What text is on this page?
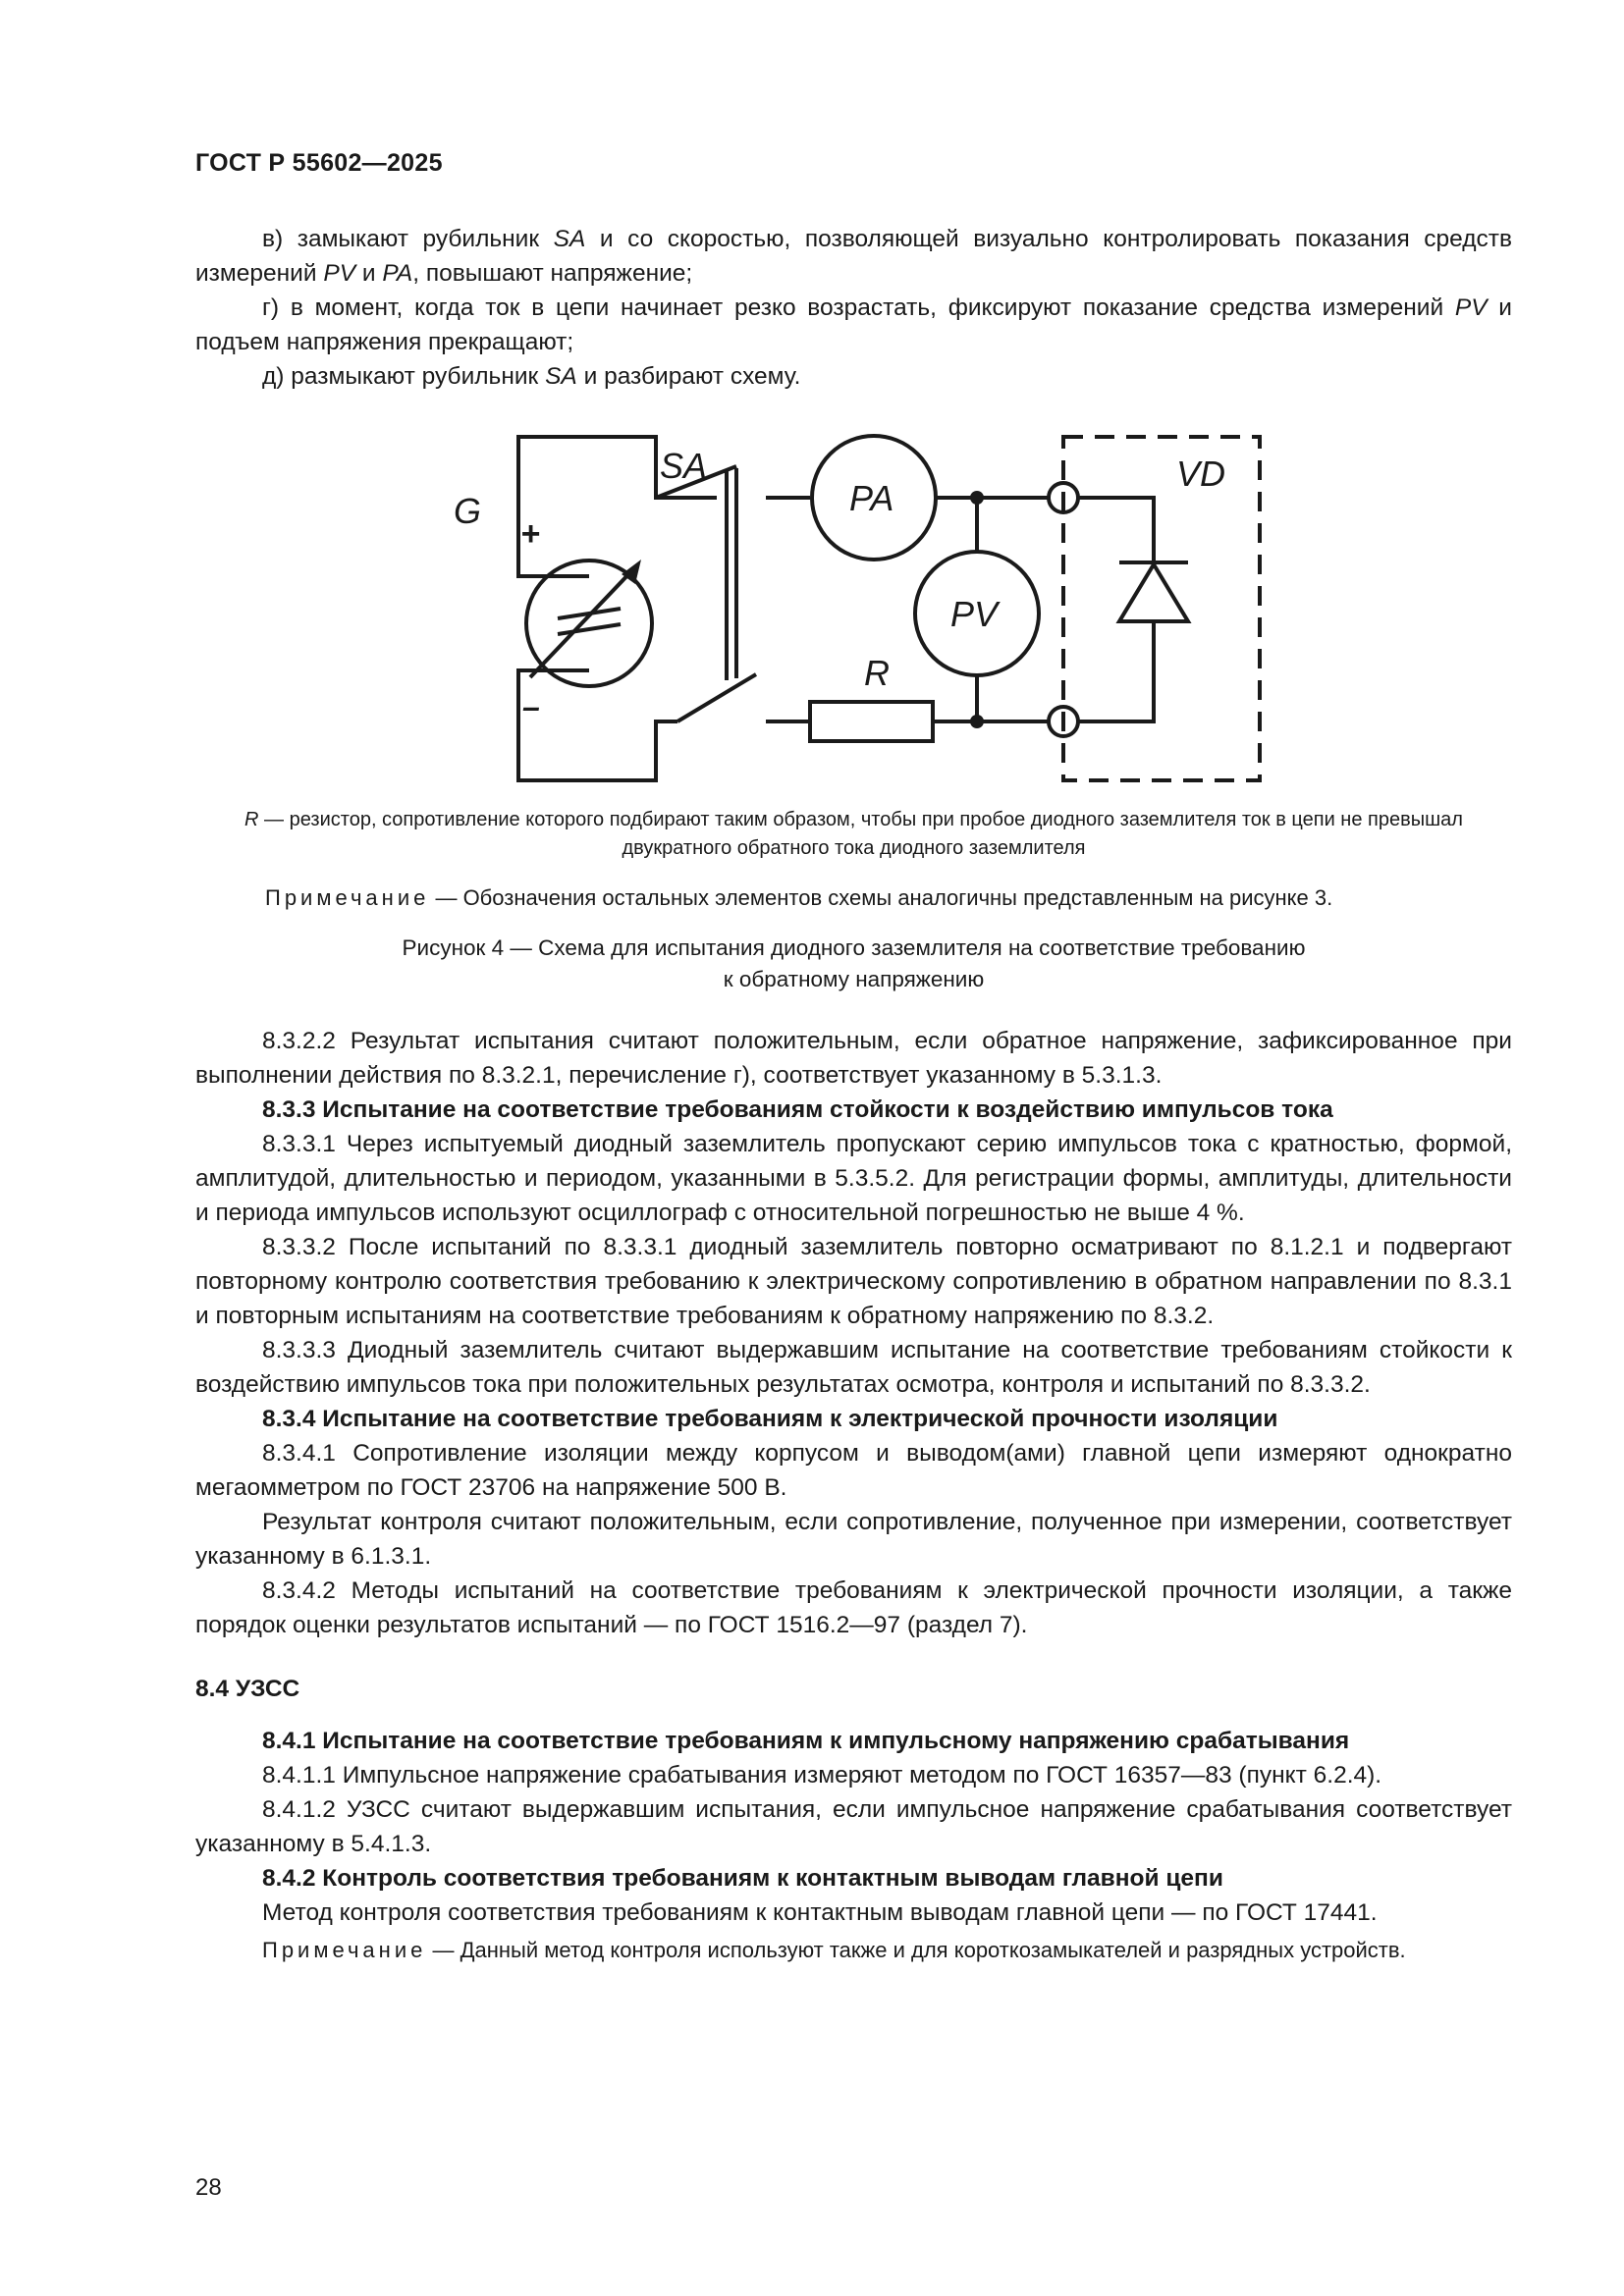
ГОСТ Р 55602—2025

в) замыкают рубильник SA и со скоростью, позволяющей визуально контролировать показания средств измерений PV и PA, повышают напряжение;

г) в момент, когда ток в цепи начинает резко возрастать, фиксируют показание средства измерений PV и подъем напряжения прекращают;

д) размыкают рубильник SA и разбирают схему.

G
+
–
SA
PA
PV
R
VD

R — резистор, сопротивление которого подбирают таким образом, чтобы при пробое диодного заземлителя ток в цепи не превышал двукратного обратного тока диодного заземлителя

Примечание — Обозначения остальных элементов схемы аналогичны представленным на рисунке 3.

Рисунок 4 — Схема для испытания диодного заземлителя на соответствие требованию
к обратному напряжению

8.3.2.2 Результат испытания считают положительным, если обратное напряжение, зафиксированное при выполнении действия по 8.3.2.1, перечисление г), соответствует указанному в 5.3.1.3.

8.3.3 Испытание на соответствие требованиям стойкости к воздействию импульсов тока

8.3.3.1 Через испытуемый диодный заземлитель пропускают серию импульсов тока с кратностью, формой, амплитудой, длительностью и периодом, указанными в 5.3.5.2. Для регистрации формы, амплитуды, длительности и периода импульсов используют осциллограф с относительной погрешностью не выше 4 %.

8.3.3.2 После испытаний по 8.3.3.1 диодный заземлитель повторно осматривают по 8.1.2.1 и подвергают повторному контролю соответствия требованию к электрическому сопротивлению в обратном направлении по 8.3.1 и повторным испытаниям на соответствие требованиям к обратному напряжению по 8.3.2.

8.3.3.3 Диодный заземлитель считают выдержавшим испытание на соответствие требованиям стойкости к воздействию импульсов тока при положительных результатах осмотра, контроля и испытаний по 8.3.3.2.

8.3.4 Испытание на соответствие требованиям к электрической прочности изоляции

8.3.4.1 Сопротивление изоляции между корпусом и выводом(ами) главной цепи измеряют однократно мегаомметром по ГОСТ 23706 на напряжение 500 В.

Результат контроля считают положительным, если сопротивление, полученное при измерении, соответствует указанному в 6.1.3.1.

8.3.4.2 Методы испытаний на соответствие требованиям к электрической прочности изоляции, а также порядок оценки результатов испытаний — по ГОСТ 1516.2—97 (раздел 7).

8.4 УЗСС

8.4.1 Испытание на соответствие требованиям к импульсному напряжению срабатывания

8.4.1.1 Импульсное напряжение срабатывания измеряют методом по ГОСТ 16357—83 (пункт 6.2.4).

8.4.1.2 УЗСС считают выдержавшим испытания, если импульсное напряжение срабатывания соответствует указанному в 5.4.1.3.

8.4.2 Контроль соответствия требованиям к контактным выводам главной цепи

Метод контроля соответствия требованиям к контактным выводам главной цепи — по ГОСТ 17441.

Примечание — Данный метод контроля используют также и для короткозамыкателей и разрядных устройств.

28
